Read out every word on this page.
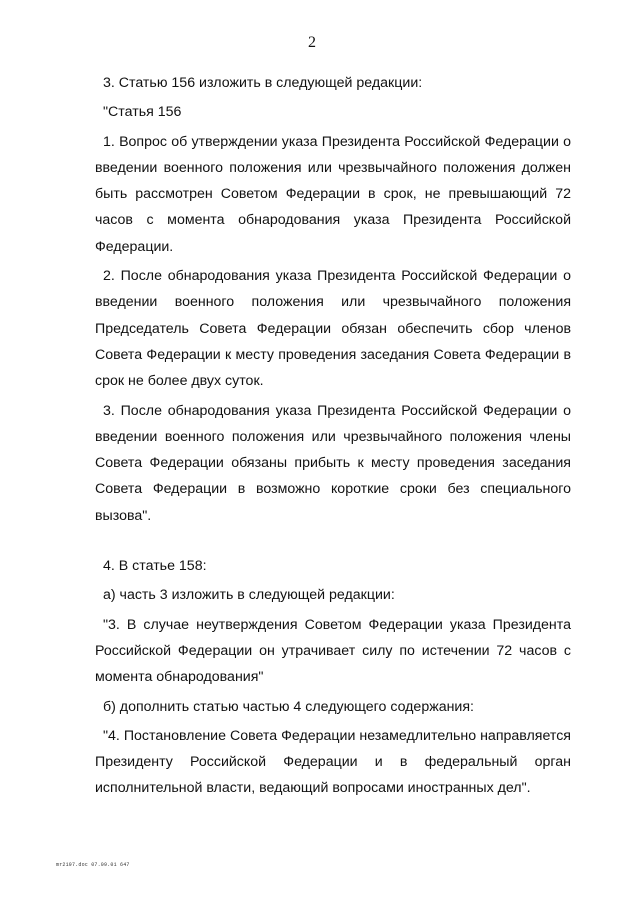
2

3. Статью 156 изложить в следующей редакции:

"Статья 156

1. Вопрос об утверждении указа Президента Российской Федерации о введении военного положения или чрезвычайного положения должен быть рассмотрен Советом Федерации в срок, не превышающий 72 часов с момента обнародования указа Президента Российской Федерации.

2. После обнародования указа Президента Российской Федерации о введении военного положения или чрезвычайного положения Председатель Совета Федерации обязан обеспечить сбор членов Совета Федерации к месту проведения заседания Совета Федерации в срок не более двух суток.

3. После обнародования указа Президента Российской Федерации о введении военного положения или чрезвычайного положения члены Совета Федерации обязаны прибыть к месту проведения заседания Совета Федерации в возможно короткие сроки без специального вызова".

4. В статье 158:

а) часть 3 изложить в следующей редакции:

"3. В случае неутверждения Советом Федерации указа Президента Российской Федерации он утрачивает силу по истечении 72 часов с момента обнародования"

б) дополнить статью частью 4 следующего содержания:

"4. Постановление Совета Федерации незамедлительно направляется Президенту Российской Федерации и в федеральный орган исполнительной власти, ведающий вопросами иностранных дел".

mr2197.doc 07.09.01 647
